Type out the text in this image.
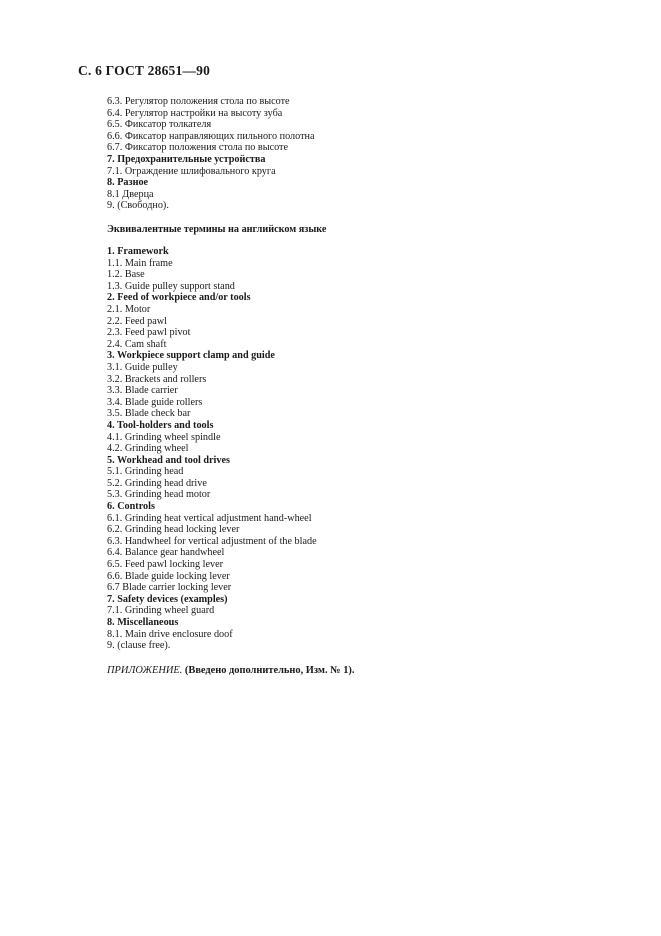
С. 6 ГОСТ 28651—90
6.3. Регулятор положения стола по высоте
6.4. Регулятор настройки на высоту зуба
6.5. Фиксатор толкателя
6.6. Фиксатор направляющих пильного полотна
6.7. Фиксатор положения стола по высоте
7. Предохранительные устройства
7.1. Ограждение шлифовального круга
8. Разное
8.1 Дверца
9. (Свободно).
Эквивалентные термины на английском языке
1. Framework
1.1. Main frame
1.2. Base
1.3. Guide pulley support stand
2. Feed of workpiece and/or tools
2.1. Motor
2.2. Feed pawl
2.3. Feed pawl pivot
2.4. Cam shaft
3. Workpiece support clamp and guide
3.1. Guide pulley
3.2. Brackets and rollers
3.3. Blade carrier
3.4. Blade guide rollers
3.5. Blade check bar
4. Tool-holders and tools
4.1. Grinding wheel spindle
4.2. Grinding wheel
5. Workhead and tool drives
5.1. Grinding head
5.2. Grinding head drive
5.3. Grinding head motor
6. Controls
6.1. Grinding heat vertical adjustment hand-wheel
6.2. Grinding head locking lever
6.3. Handwheel for vertical adjustment of the blade
6.4. Balance gear handwheel
6.5. Feed pawl locking lever
6.6. Blade guide locking lever
6.7 Blade carrier locking lever
7. Safety devices (examples)
7.1. Grinding wheel guard
8. Miscellaneous
8.1. Main drive enclosure doof
9. (clause free).
ПРИЛОЖЕНИЕ. (Введено дополнительно, Изм. № 1).
